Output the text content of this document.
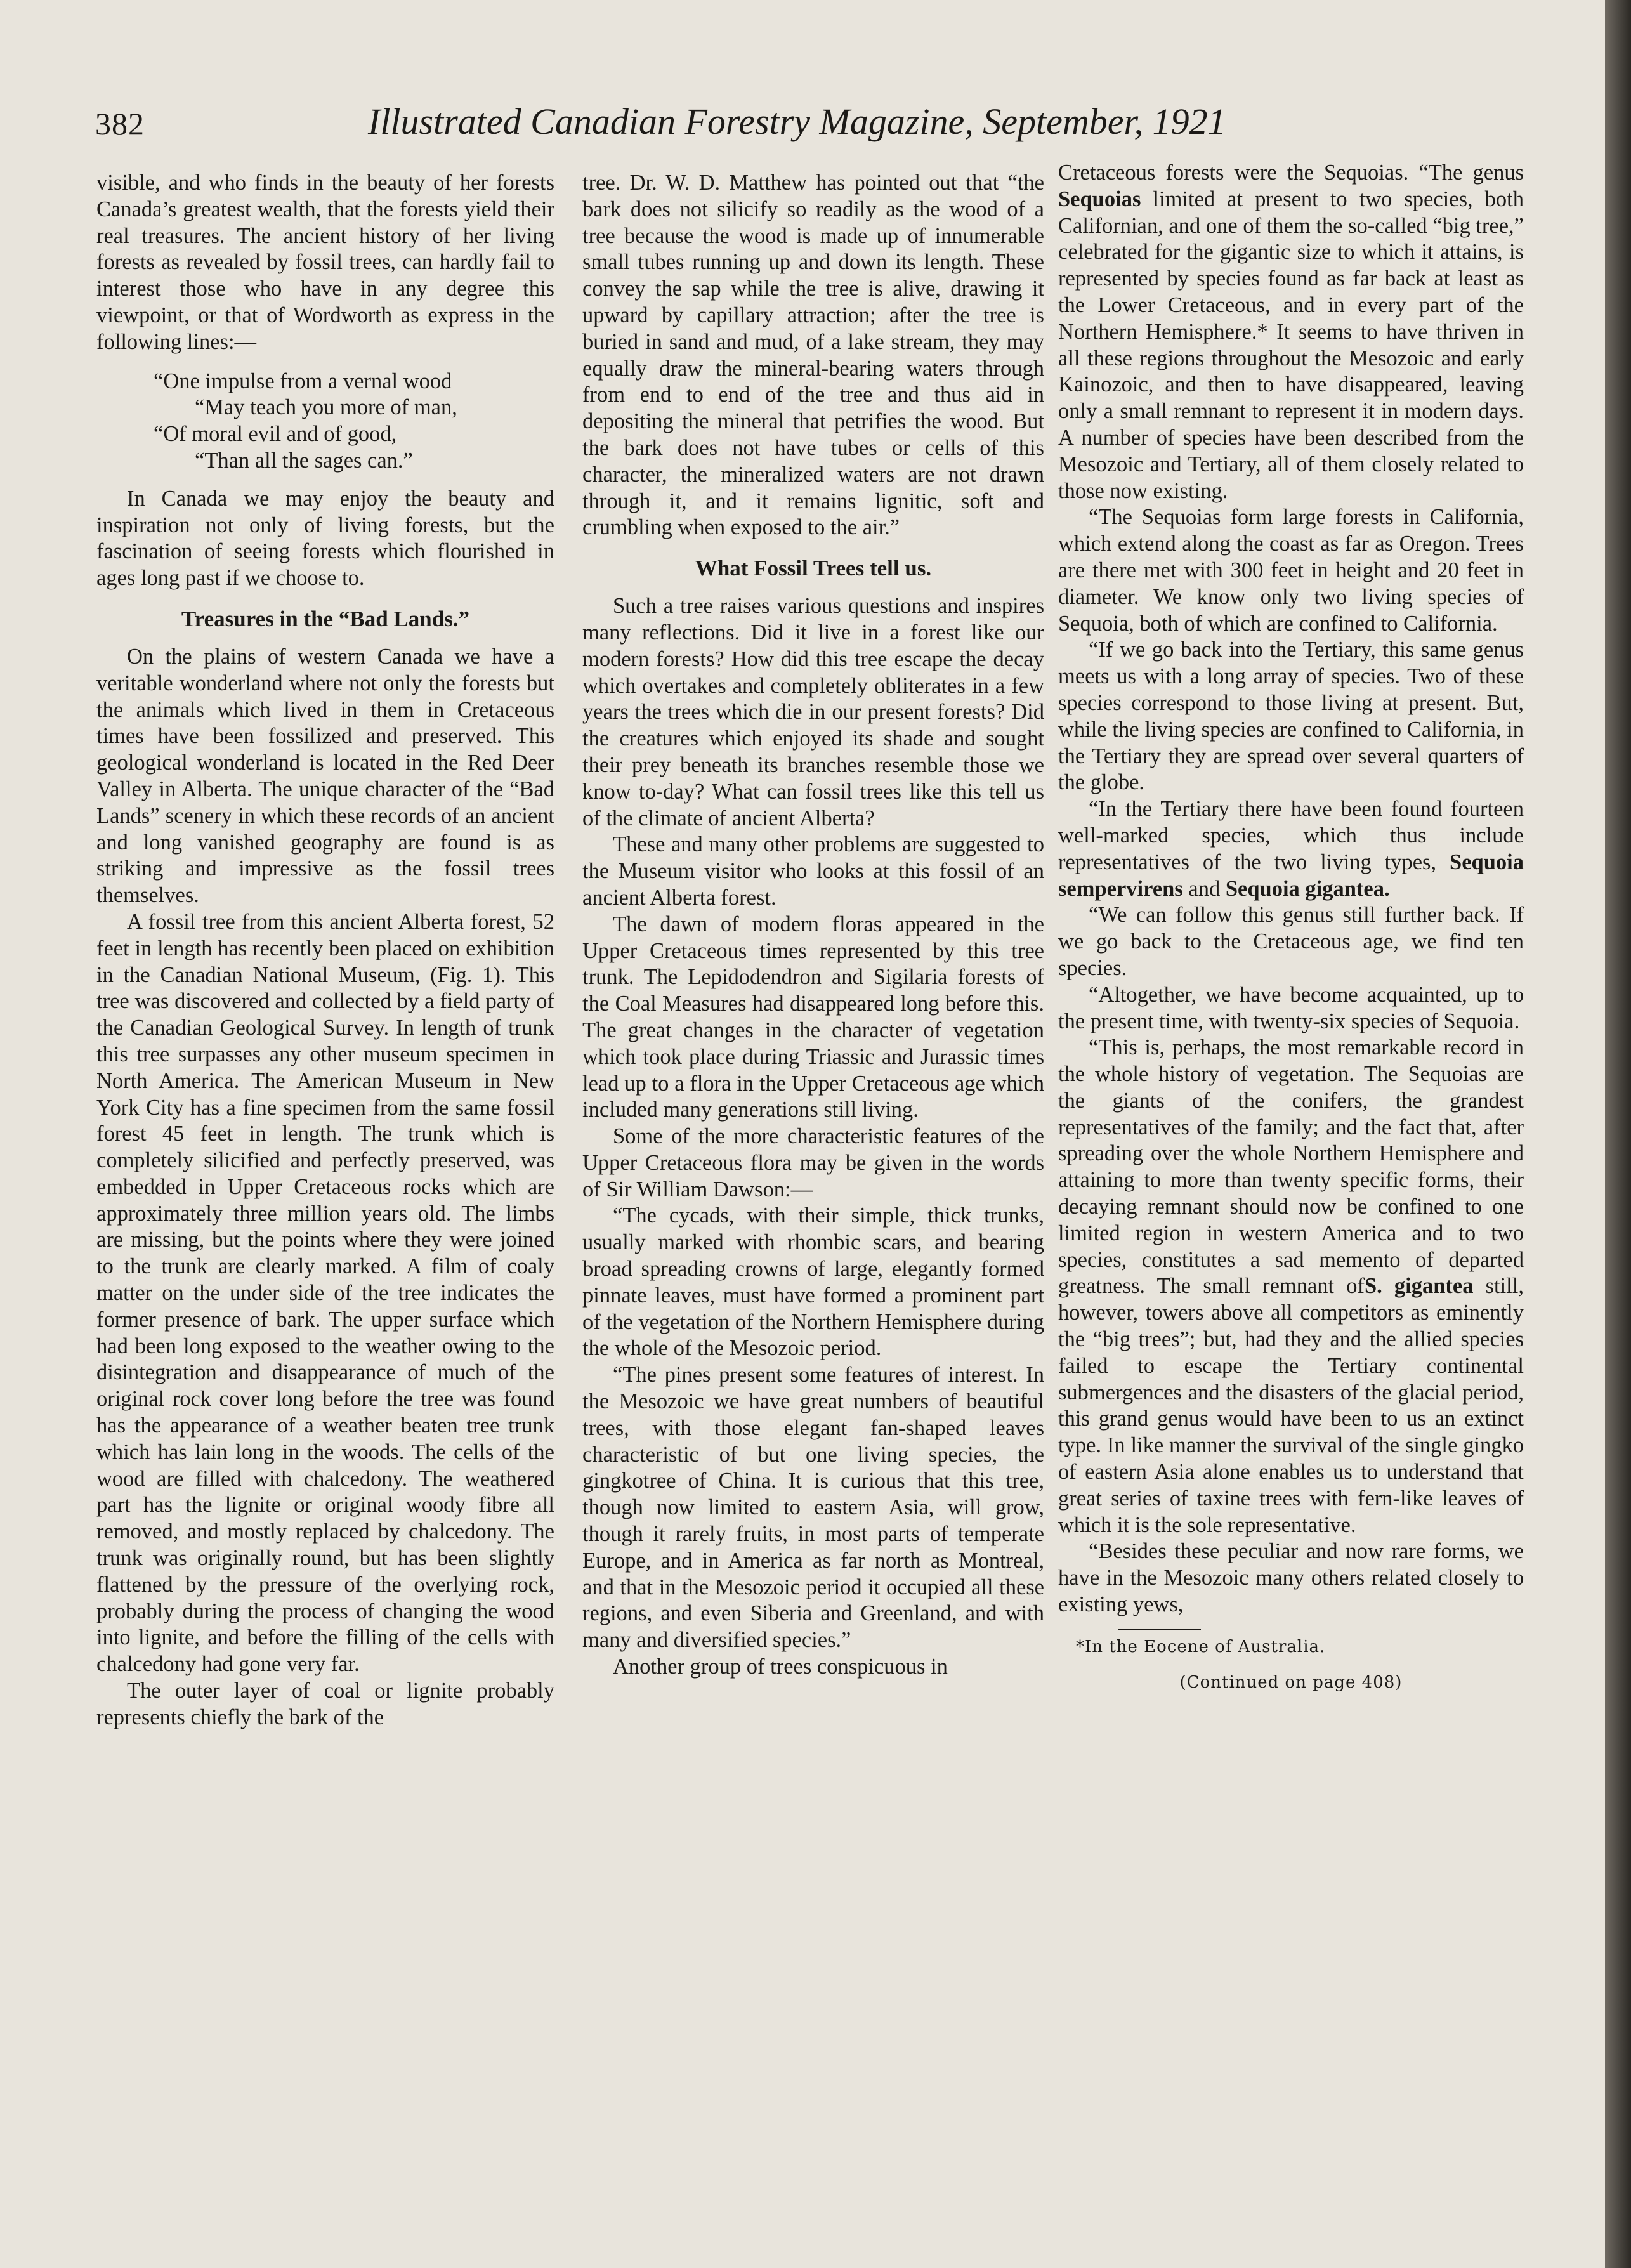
382	Illustrated Canadian Forestry Magazine, September, 1921

visible, and who finds in the beauty of her forests Canada’s greatest wealth, that the forests yield their real treasures. The ancient history of her living forests as revealed by fossil trees, can hardly fail to interest those who have in any degree this viewpoint, or that of Wordworth as express in the following lines:—

“One impulse from a vernal wood
“May teach you more of man,
“Of moral evil and of good,
“Than all the sages can.”

In Canada we may enjoy the beauty and inspiration not only of living forests, but the fascination of seeing forests which flourished in ages long past if we choose to.

Treasures in the “Bad Lands.”

On the plains of western Canada we have a veritable wonderland where not only the forests but the animals which lived in them in Cretaceous times have been fossilized and preserved. This geological wonderland is located in the Red Deer Valley in Alberta. The unique character of the “Bad Lands” scenery in which these records of an ancient and long vanished geography are found is as striking and impressive as the fossil trees themselves.

A fossil tree from this ancient Alberta forest, 52 feet in length has recently been placed on exhibition in the Canadian National Museum, (Fig. 1). This tree was discovered and collected by a field party of the Canadian Geological Survey. In length of trunk this tree surpasses any other museum specimen in North America. The American Museum in New York City has a fine specimen from the same fossil forest 45 feet in length. The trunk which is completely silicified and perfectly preserved, was embedded in Upper Cretaceous rocks which are approximately three million years old. The limbs are missing, but the points where they were joined to the trunk are clearly marked. A film of coaly matter on the under side of the tree indicates the former presence of bark. The upper surface which had been long exposed to the weather owing to the disintegration and disappearance of much of the original rock cover long before the tree was found has the appearance of a weather beaten tree trunk which has lain long in the woods. The cells of the wood are filled with chalcedony. The weathered part has the lignite or original woody fibre all removed, and mostly replaced by chalcedony. The trunk was originally round, but has been slightly flattened by the pressure of the overlying rock, probably during the process of changing the wood into lignite, and before the filling of the cells with chalcedony had gone very far.

The outer layer of coal or lignite probably represents chiefly the bark of the

tree. Dr. W. D. Matthew has pointed out that “the bark does not silicify so readily as the wood of a tree because the wood is made up of innumerable small tubes running up and down its length. These convey the sap while the tree is alive, drawing it upward by capillary attraction; after the tree is buried in sand and mud, of a lake stream, they may equally draw the mineral-bearing waters through from end to end of the tree and thus aid in depositing the mineral that petrifies the wood. But the bark does not have tubes or cells of this character, the mineralized waters are not drawn through it, and it remains lignitic, soft and crumbling when exposed to the air.”

What Fossil Trees tell us.

Such a tree raises various questions and inspires many reflections. Did it live in a forest like our modern forests? How did this tree escape the decay which overtakes and completely obliterates in a few years the trees which die in our present forests? Did the creatures which enjoyed its shade and sought their prey beneath its branches resemble those we know to-day? What can fossil trees like this tell us of the climate of ancient Alberta?

These and many other problems are suggested to the Museum visitor who looks at this fossil of an ancient Alberta forest.

The dawn of modern floras appeared in the Upper Cretaceous times represented by this tree trunk. The Lepidodendron and Sigilaria forests of the Coal Measures had disappeared long before this. The great changes in the character of vegetation which took place during Triassic and Jurassic times lead up to a flora in the Upper Cretaceous age which included many generations still living.

Some of the more characteristic features of the Upper Cretaceous flora may be given in the words of Sir William Dawson:—

“The cycads, with their simple, thick trunks, usually marked with rhombic scars, and bearing broad spreading crowns of large, elegantly formed pinnate leaves, must have formed a prominent part of the vegetation of the Northern Hemisphere during the whole of the Mesozoic period.

“The pines present some features of interest. In the Mesozoic we have great numbers of beautiful trees, with those elegant fan-shaped leaves characteristic of but one living species, the gingkotree of China. It is curious that this tree, though now limited to eastern Asia, will grow, though it rarely fruits, in most parts of temperate Europe, and in America as far north as Montreal, and that in the Mesozoic period it occupied all these regions, and even Siberia and Greenland, and with many and diversified species.”

Another group of trees conspicuous in

Cretaceous forests were the Sequoias. “The genus Sequoias limited at present to two species, both Californian, and one of them the so-called “big tree,” celebrated for the gigantic size to which it attains, is represented by species found as far back at least as the Lower Cretaceous, and in every part of the Northern Hemisphere.* It seems to have thriven in all these regions throughout the Mesozoic and early Kainozoic, and then to have disappeared, leaving only a small remnant to represent it in modern days. A number of species have been described from the Mesozoic and Tertiary, all of them closely related to those now existing.

“The Sequoias form large forests in California, which extend along the coast as far as Oregon. Trees are there met with 300 feet in height and 20 feet in diameter. We know only two living species of Sequoia, both of which are confined to California.

“If we go back into the Tertiary, this same genus meets us with a long array of species. Two of these species correspond to those living at present. But, while the living species are confined to California, in the Tertiary they are spread over several quarters of the globe.

“In the Tertiary there have been found fourteen well-marked species, which thus include representatives of the two living types, Sequoia sempervirens and Sequoia gigantea.

“We can follow this genus still further back. If we go back to the Cretaceous age, we find ten species.

“Altogether, we have become acquainted, up to the present time, with twenty-six species of Sequoia.

“This is, perhaps, the most remarkable record in the whole history of vegetation. The Sequoias are the giants of the conifers, the grandest representatives of the family; and the fact that, after spreading over the whole Northern Hemisphere and attaining to more than twenty specific forms, their decaying remnant should now be confined to one limited region in western America and to two species, constitutes a sad memento of departed greatness. The small remnant ofS. gigantea still, however, towers above all competitors as eminently the “big trees”; but, had they and the allied species failed to escape the Tertiary continental submergences and the disasters of the glacial period, this grand genus would have been to us an extinct type. In like manner the survival of the single gingko of eastern Asia alone enables us to understand that great series of taxine trees with fern-like leaves of which it is the sole representative.

“Besides these peculiar and now rare forms, we have in the Mesozoic many others related closely to existing yews,

*In the Eocene of Australia.
(Continued on page 408)
